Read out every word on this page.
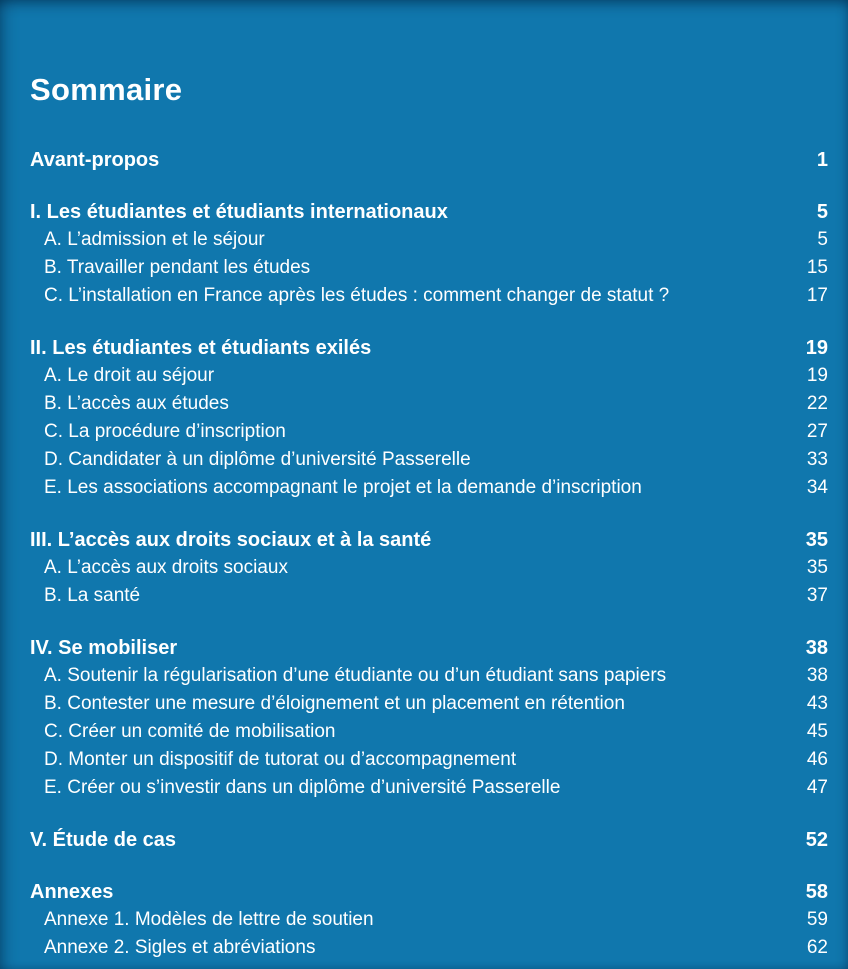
Sommaire
Avant-propos	1
I. Les étudiantes et étudiants internationaux	5
A. L’admission et le séjour	5
B. Travailler pendant les études	15
C. L’installation en France après les études : comment changer de statut ?	17
II. Les étudiantes et étudiants exilés	19
A. Le droit au séjour	19
B. L’accès aux études	22
C. La procédure d’inscription	27
D. Candidater à un diplôme d’université Passerelle	33
E. Les associations accompagnant le projet et la demande d’inscription	34
III. L’accès aux droits sociaux et à la santé	35
A. L’accès aux droits sociaux	35
B. La santé	37
IV. Se mobiliser	38
A. Soutenir la régularisation d’une étudiante ou d’un étudiant sans papiers	38
B. Contester une mesure d’éloignement et un placement en rétention	43
C. Créer un comité de mobilisation	45
D. Monter un dispositif de tutorat ou d’accompagnement	46
E. Créer ou s’investir dans un diplôme d’université Passerelle	47
V. Étude de cas	52
Annexes	58
Annexe 1. Modèles de lettre de soutien	59
Annexe 2. Sigles et abréviations	62
